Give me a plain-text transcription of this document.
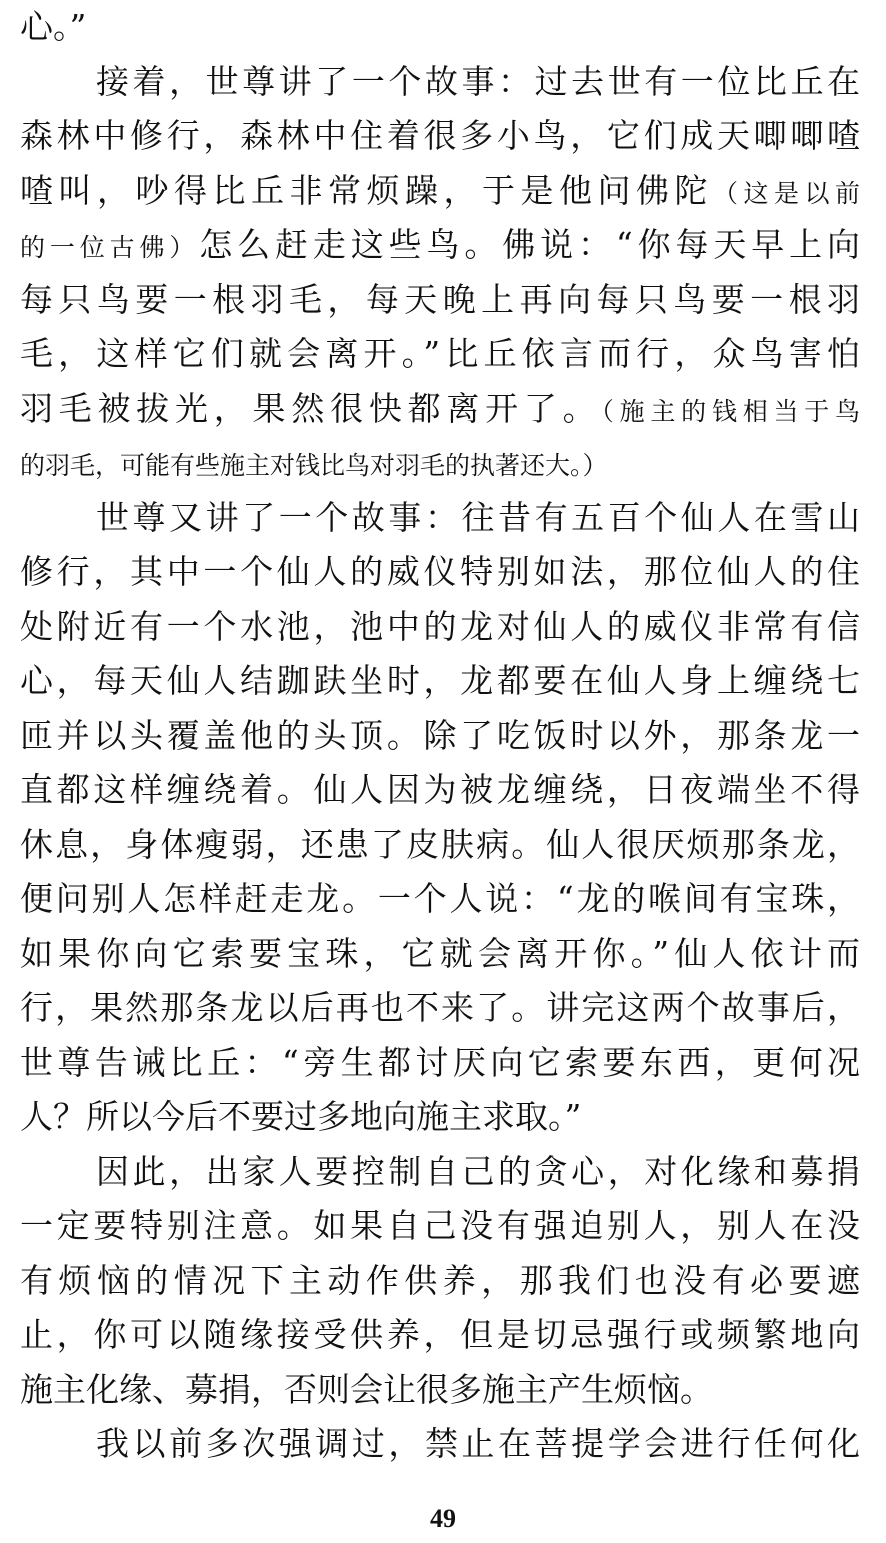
心。”
接着，世尊讲了一个故事：过去世有一位比丘在
森林中修行，森林中住着很多小鸟，它们成天唧唧喳
喳叫，吵得比丘非常烦躁，于是他问佛陀（这是以前
的一位古佛）怎么赶走这些鸟。佛说：“你每天早上向
每只鸟要一根羽毛，每天晚上再向每只鸟要一根羽
毛，这样它们就会离开。”比丘依言而行，众鸟害怕
羽毛被拔光，果然很快都离开了。（施主的钱相当于鸟
的羽毛，可能有些施主对钱比鸟对羽毛的执著还大。）
世尊又讲了一个故事：往昔有五百个仙人在雪山
修行，其中一个仙人的威仪特别如法，那位仙人的住
处附近有一个水池，池中的龙对仙人的威仪非常有信
心，每天仙人结跏趺坐时，龙都要在仙人身上缠绕七
匝并以头覆盖他的头顶。除了吃饭时以外，那条龙一
直都这样缠绕着。仙人因为被龙缠绕，日夜端坐不得
休息，身体瘦弱，还患了皮肤病。仙人很厌烦那条龙，
便问别人怎样赶走龙。一个人说：“龙的喉间有宝珠，
如果你向它索要宝珠，它就会离开你。”仙人依计而
行，果然那条龙以后再也不来了。讲完这两个故事后，
世尊告诫比丘：“旁生都讨厌向它索要东西，更何况
人？所以今后不要过多地向施主求取。”
因此，出家人要控制自己的贪心，对化缘和募捐
一定要特别注意。如果自己没有强迫别人，别人在没
有烦恼的情况下主动作供养，那我们也没有必要遮
止，你可以随缘接受供养，但是切忌强行或频繁地向
施主化缘、募捐，否则会让很多施主产生烦恼。
我以前多次强调过，禁止在菩提学会进行任何化
49
